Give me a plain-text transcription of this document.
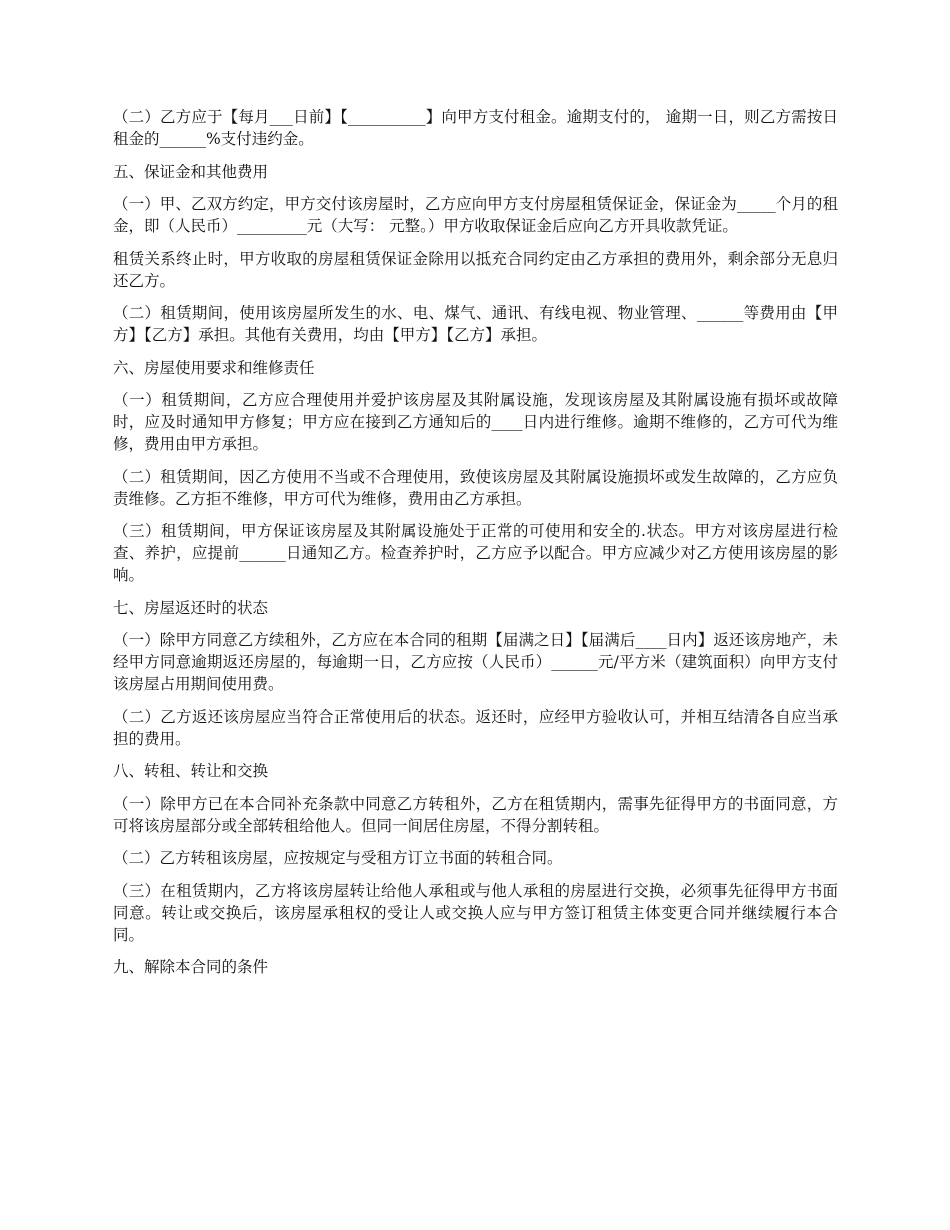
（二）乙方应于【每月___日前】【__________】向甲方支付租金。逾期支付的， 逾期一日，则乙方需按日租金的______%支付违约金。

五、保证金和其他费用

（一）甲、乙双方约定，甲方交付该房屋时，乙方应向甲方支付房屋租赁保证金，保证金为_____个月的租金，即（人民币）_________元（大写： 元整。）甲方收取保证金后应向乙方开具收款凭证。

租赁关系终止时，甲方收取的房屋租赁保证金除用以抵充合同约定由乙方承担的费用外，剩余部分无息归还乙方。

（二）租赁期间，使用该房屋所发生的水、电、煤气、通讯、有线电视、物业管理、______等费用由【甲方】【乙方】承担。其他有关费用，均由【甲方】【乙方】承担。

六、房屋使用要求和维修责任

（一）租赁期间，乙方应合理使用并爱护该房屋及其附属设施，发现该房屋及其附属设施有损坏或故障时，应及时通知甲方修复；甲方应在接到乙方通知后的____日内进行维修。逾期不维修的，乙方可代为维修，费用由甲方承担。

（二）租赁期间，因乙方使用不当或不合理使用，致使该房屋及其附属设施损坏或发生故障的，乙方应负责维修。乙方拒不维修，甲方可代为维修，费用由乙方承担。

（三）租赁期间，甲方保证该房屋及其附属设施处于正常的可使用和安全的.状态。甲方对该房屋进行检查、养护，应提前______日通知乙方。检查养护时，乙方应予以配合。甲方应减少对乙方使用该房屋的影响。

七、房屋返还时的状态

（一）除甲方同意乙方续租外，乙方应在本合同的租期【届满之日】【届满后____日内】返还该房地产，未经甲方同意逾期返还房屋的，每逾期一日，乙方应按（人民币）______元/平方米（建筑面积）向甲方支付该房屋占用期间使用费。

（二）乙方返还该房屋应当符合正常使用后的状态。返还时，应经甲方验收认可，并相互结清各自应当承担的费用。

八、转租、转让和交换

（一）除甲方已在本合同补充条款中同意乙方转租外，乙方在租赁期内，需事先征得甲方的书面同意，方可将该房屋部分或全部转租给他人。但同一间居住房屋，不得分割转租。

（二）乙方转租该房屋，应按规定与受租方订立书面的转租合同。

（三）在租赁期内，乙方将该房屋转让给他人承租或与他人承租的房屋进行交换，必须事先征得甲方书面同意。转让或交换后，该房屋承租权的受让人或交换人应与甲方签订租赁主体变更合同并继续履行本合同。

九、解除本合同的条件
